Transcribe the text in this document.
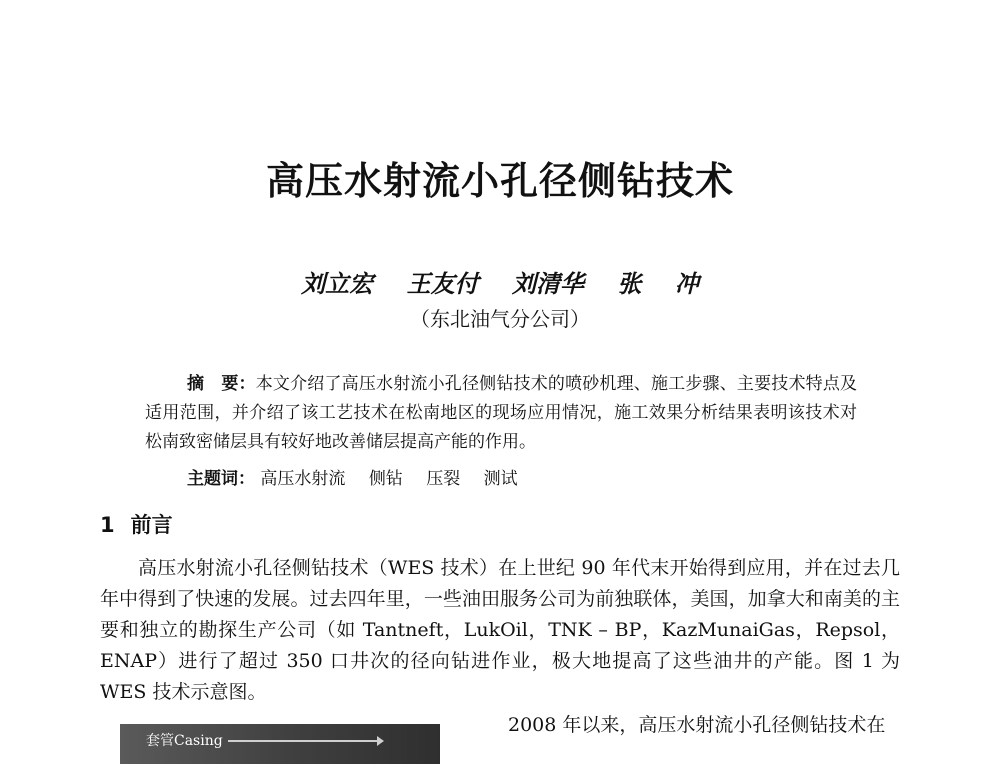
高压水射流小孔径侧钻技术
刘立宏    王友付    刘清华    张    冲
（东北油气分公司）
摘　要：本文介绍了高压水射流小孔径侧钻技术的喷砂机理、施工步骤、主要技术特点及适用范围，并介绍了该工艺技术在松南地区的现场应用情况，施工效果分析结果表明该技术对松南致密储层具有较好地改善储层提高产能的作用。
主题词： 高压水射流 侧钻 压裂 测试
1 前言
高压水射流小孔径侧钻技术（WES 技术）在上世纪 90 年代末开始得到应用，并在过去几年中得到了快速的发展。过去四年里，一些油田服务公司为前独联体，美国，加拿大和南美的主要和独立的勘探生产公司（如 Tantneft，LukOil，TNK – BP，KazMunaiGas，Repsol，ENAP）进行了超过 350 口井次的径向钻进作业，极大地提高了这些油井的产能。图 1 为 WES 技术示意图。
套管Casing
2008 年以来，高压水射流小孔径侧钻技术在
